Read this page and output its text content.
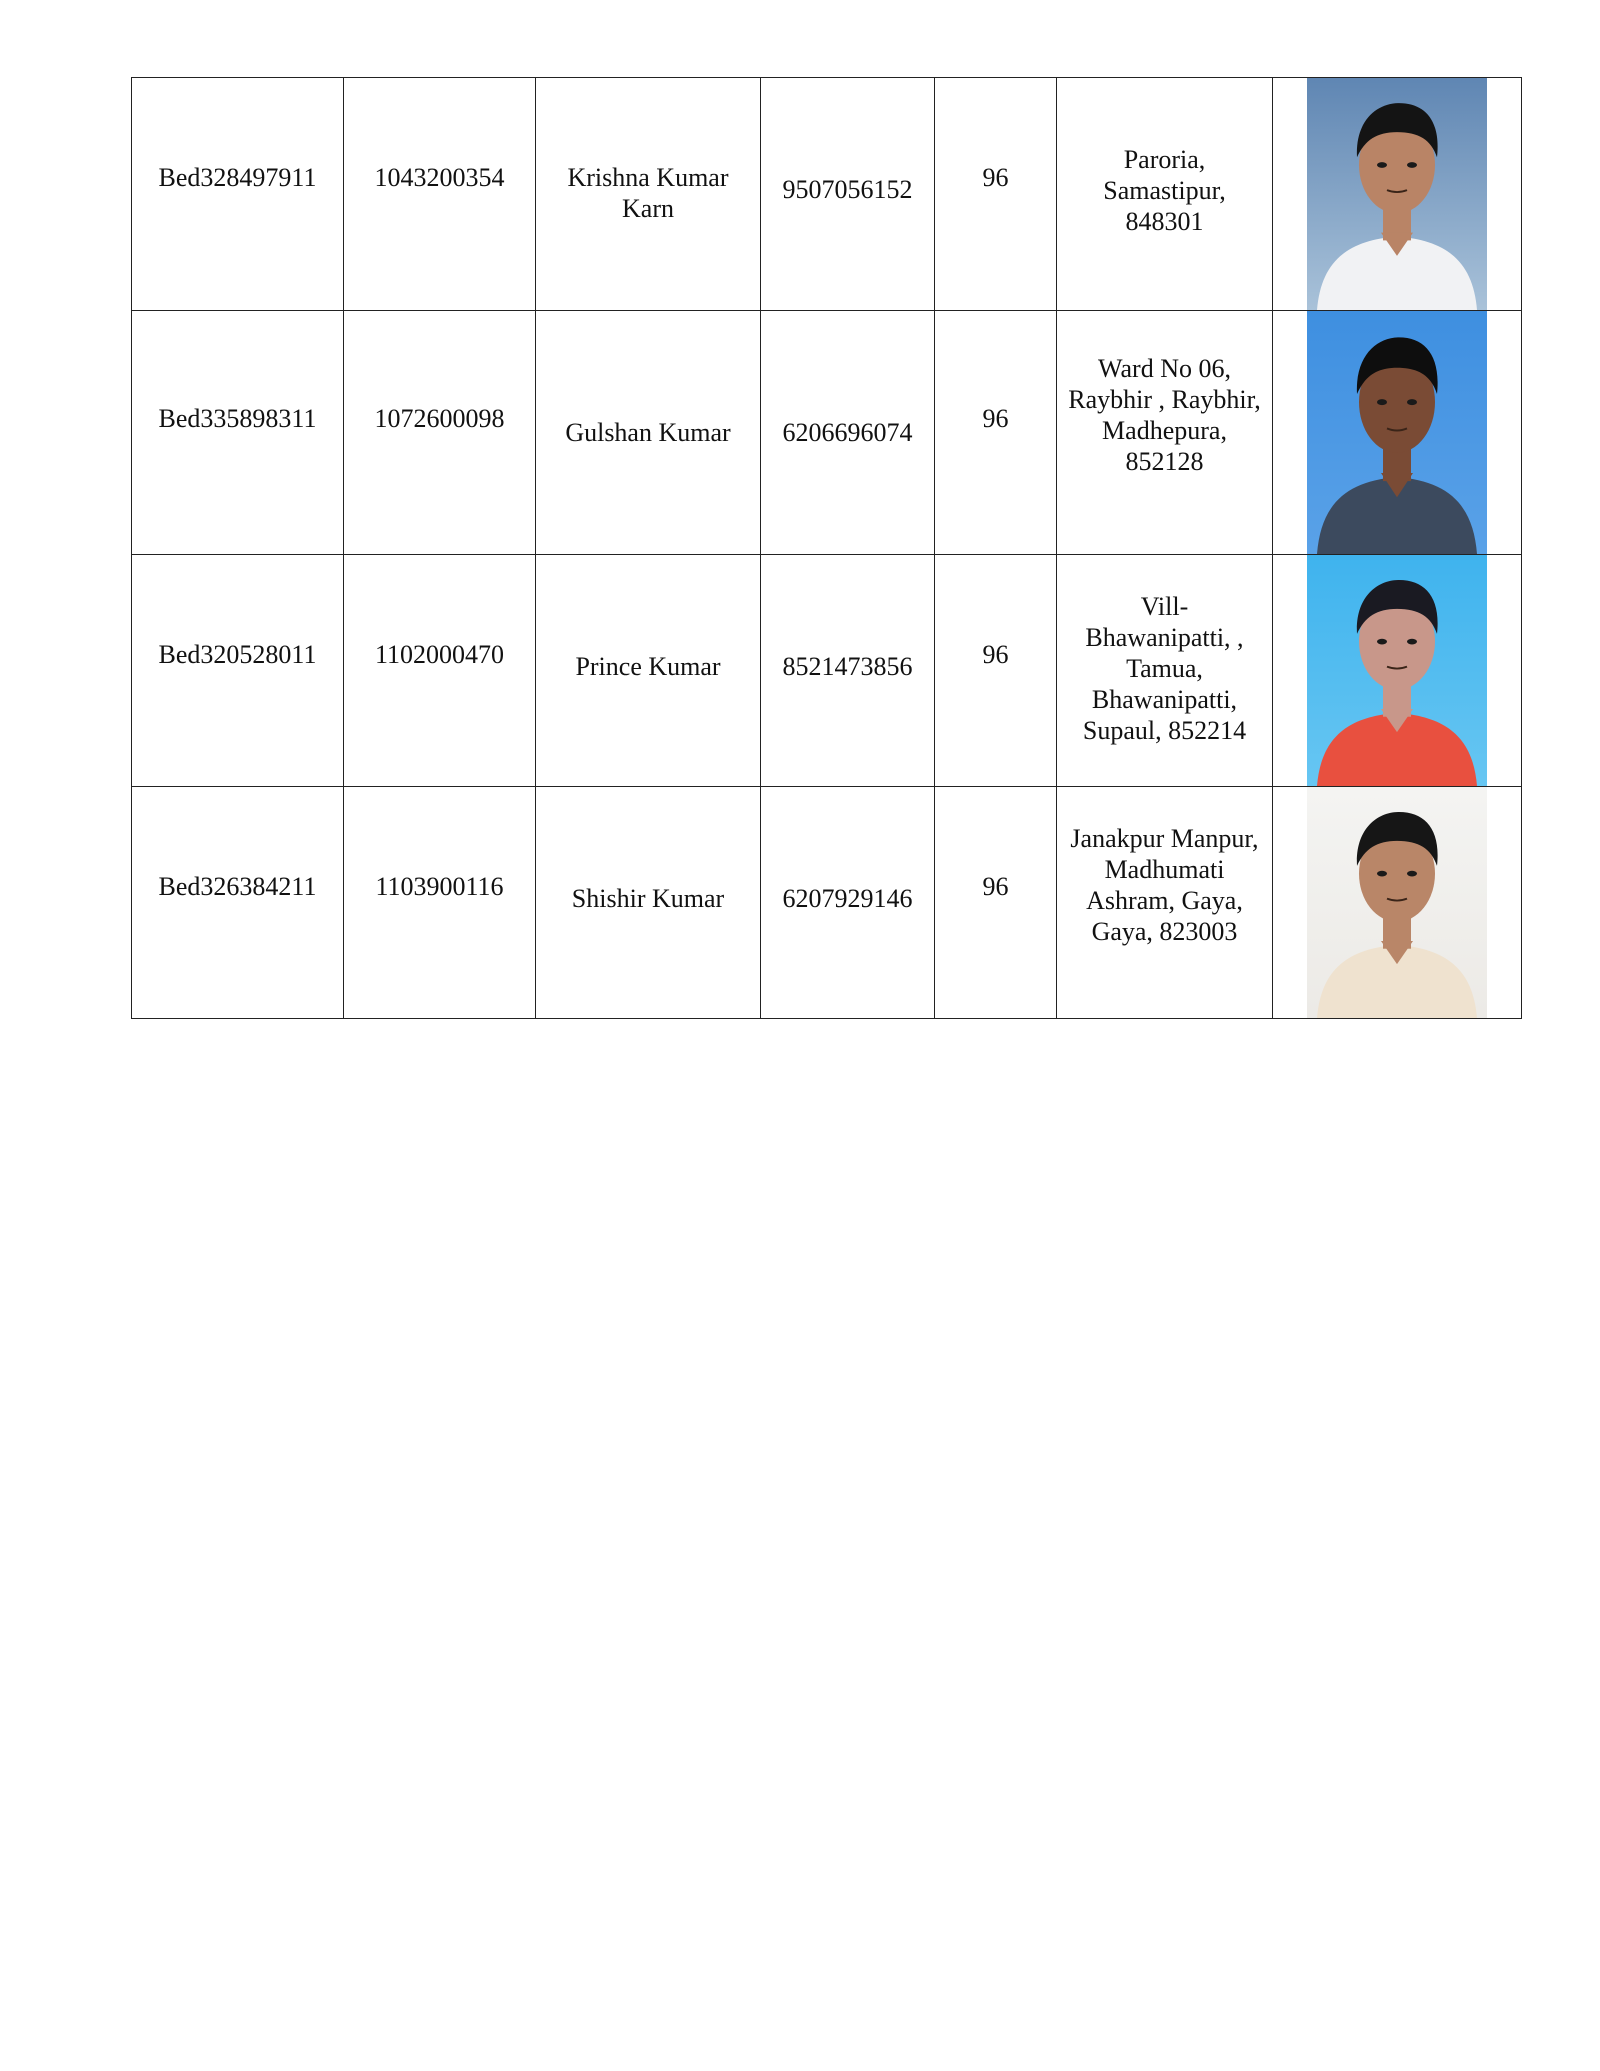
Bed328497911	1043200354	Krishna Kumar Karn	9507056152	96	Paroria, Samastipur, 848301

Bed335898311	1072600098	Gulshan Kumar	6206696074	96	Ward No 06, Raybhir , Raybhir, Madhepura, 852128

Bed320528011	1102000470	Prince Kumar	8521473856	96	Vill- Bhawanipatti, , Tamua, Bhawanipatti, Supaul, 852214

Bed326384211	1103900116	Shishir Kumar	6207929146	96	Janakpur Manpur, Madhumati Ashram, Gaya, Gaya, 823003
